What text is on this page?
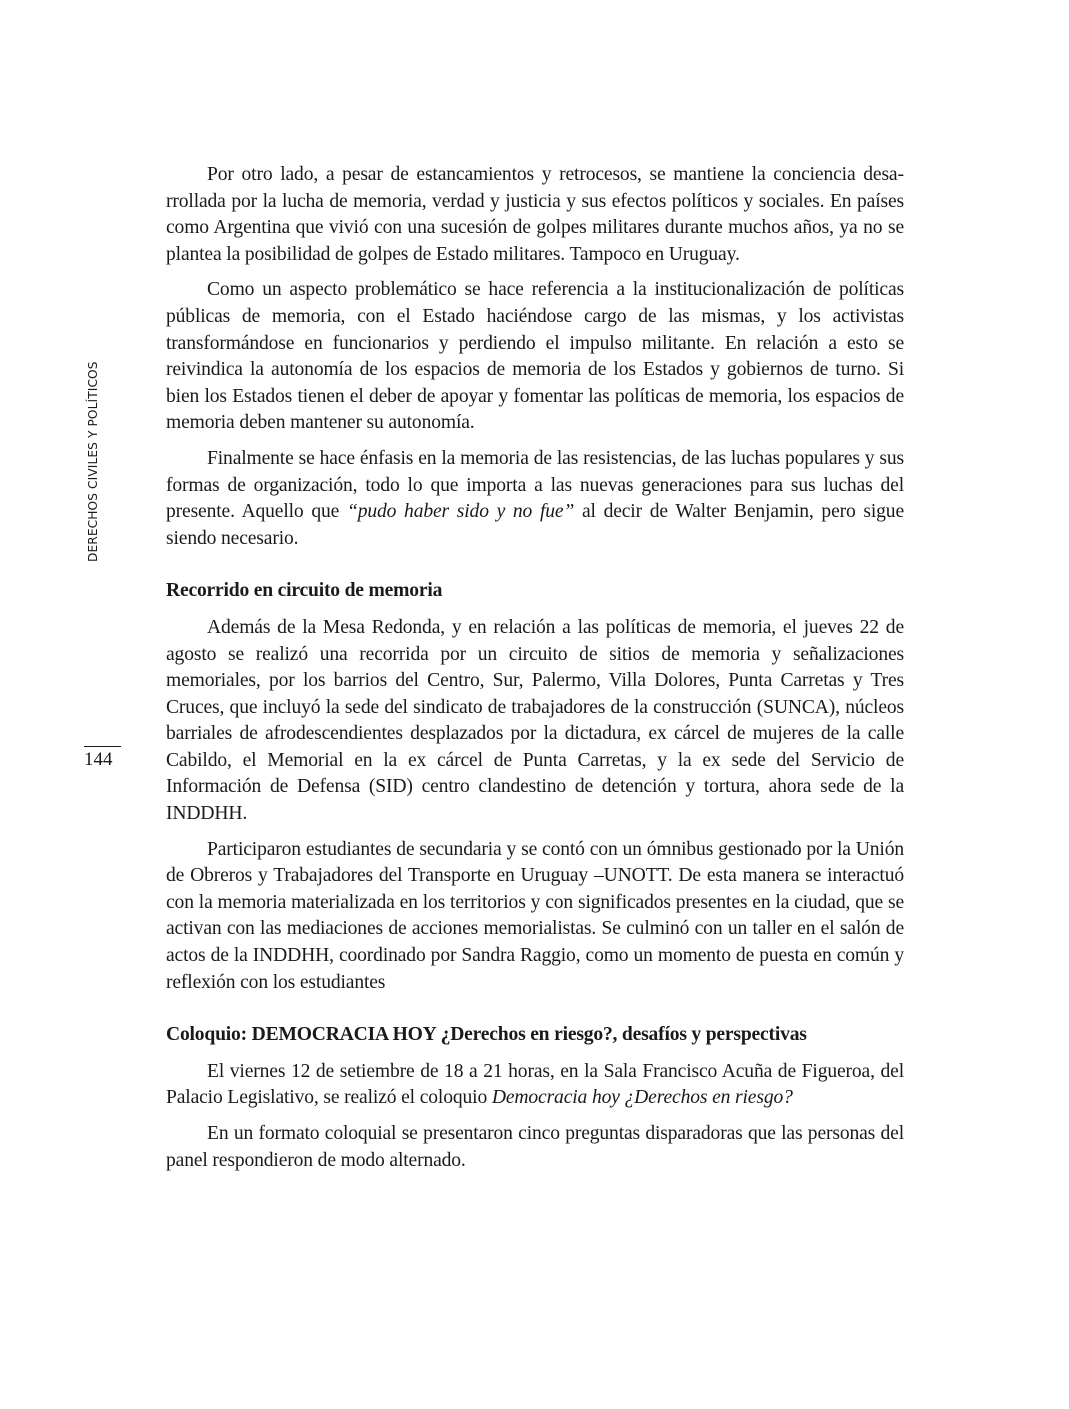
DERECHOS CIVILES Y POLÍTICOS
144

Por otro lado, a pesar de estancamientos y retrocesos, se mantiene la conciencia desarrollada por la lucha de memoria, verdad y justicia y sus efectos políticos y sociales. En países como Argentina que vivió con una sucesión de golpes militares durante muchos años, ya no se plantea la posibilidad de golpes de Estado militares. Tampoco en Uruguay.

Como un aspecto problemático se hace referencia a la institucionalización de políticas públicas de memoria, con el Estado haciéndose cargo de las mismas, y los activistas transformándose en funcionarios y perdiendo el impulso militante. En relación a esto se reivindica la autonomía de los espacios de memoria de los Estados y gobiernos de turno. Si bien los Estados tienen el deber de apoyar y fomentar las políticas de memoria, los espacios de memoria deben mantener su autonomía.

Finalmente se hace énfasis en la memoria de las resistencias, de las luchas populares y sus formas de organización, todo lo que importa a las nuevas generaciones para sus luchas del presente. Aquello que “pudo haber sido y no fue” al decir de Walter Benjamin, pero sigue siendo necesario.

Recorrido en circuito de memoria

Además de la Mesa Redonda, y en relación a las políticas de memoria, el jueves 22 de agosto se realizó una recorrida por un circuito de sitios de memoria y señalizaciones memoriales, por los barrios del Centro, Sur, Palermo, Villa Dolores, Punta Carretas y Tres Cruces, que incluyó la sede del sindicato de trabajadores de la construcción (SUNCA), núcleos barriales de afrodescendientes desplazados por la dictadura, ex cárcel de mujeres de la calle Cabildo, el Memorial en la ex cárcel de Punta Carretas, y la ex sede del Servicio de Información de Defensa (SID) centro clandestino de detención y tortura, ahora sede de la INDDHH.

Participaron estudiantes de secundaria y se contó con un ómnibus gestionado por la Unión de Obreros y Trabajadores del Transporte en Uruguay –UNOTT. De esta manera se interactuó con la memoria materializada en los territorios y con significados presentes en la ciudad, que se activan con las mediaciones de acciones memorialistas. Se culminó con un taller en el salón de actos de la INDDHH, coordinado por Sandra Raggio, como un momento de puesta en común y reflexión con los estudiantes

Coloquio: DEMOCRACIA HOY ¿Derechos en riesgo?, desafíos y perspectivas

El viernes 12 de setiembre de 18 a 21 horas, en la Sala Francisco Acuña de Figueroa, del Palacio Legislativo, se realizó el coloquio Democracia hoy ¿Derechos en riesgo?

En un formato coloquial se presentaron cinco preguntas disparadoras que las personas del panel respondieron de modo alternado.
